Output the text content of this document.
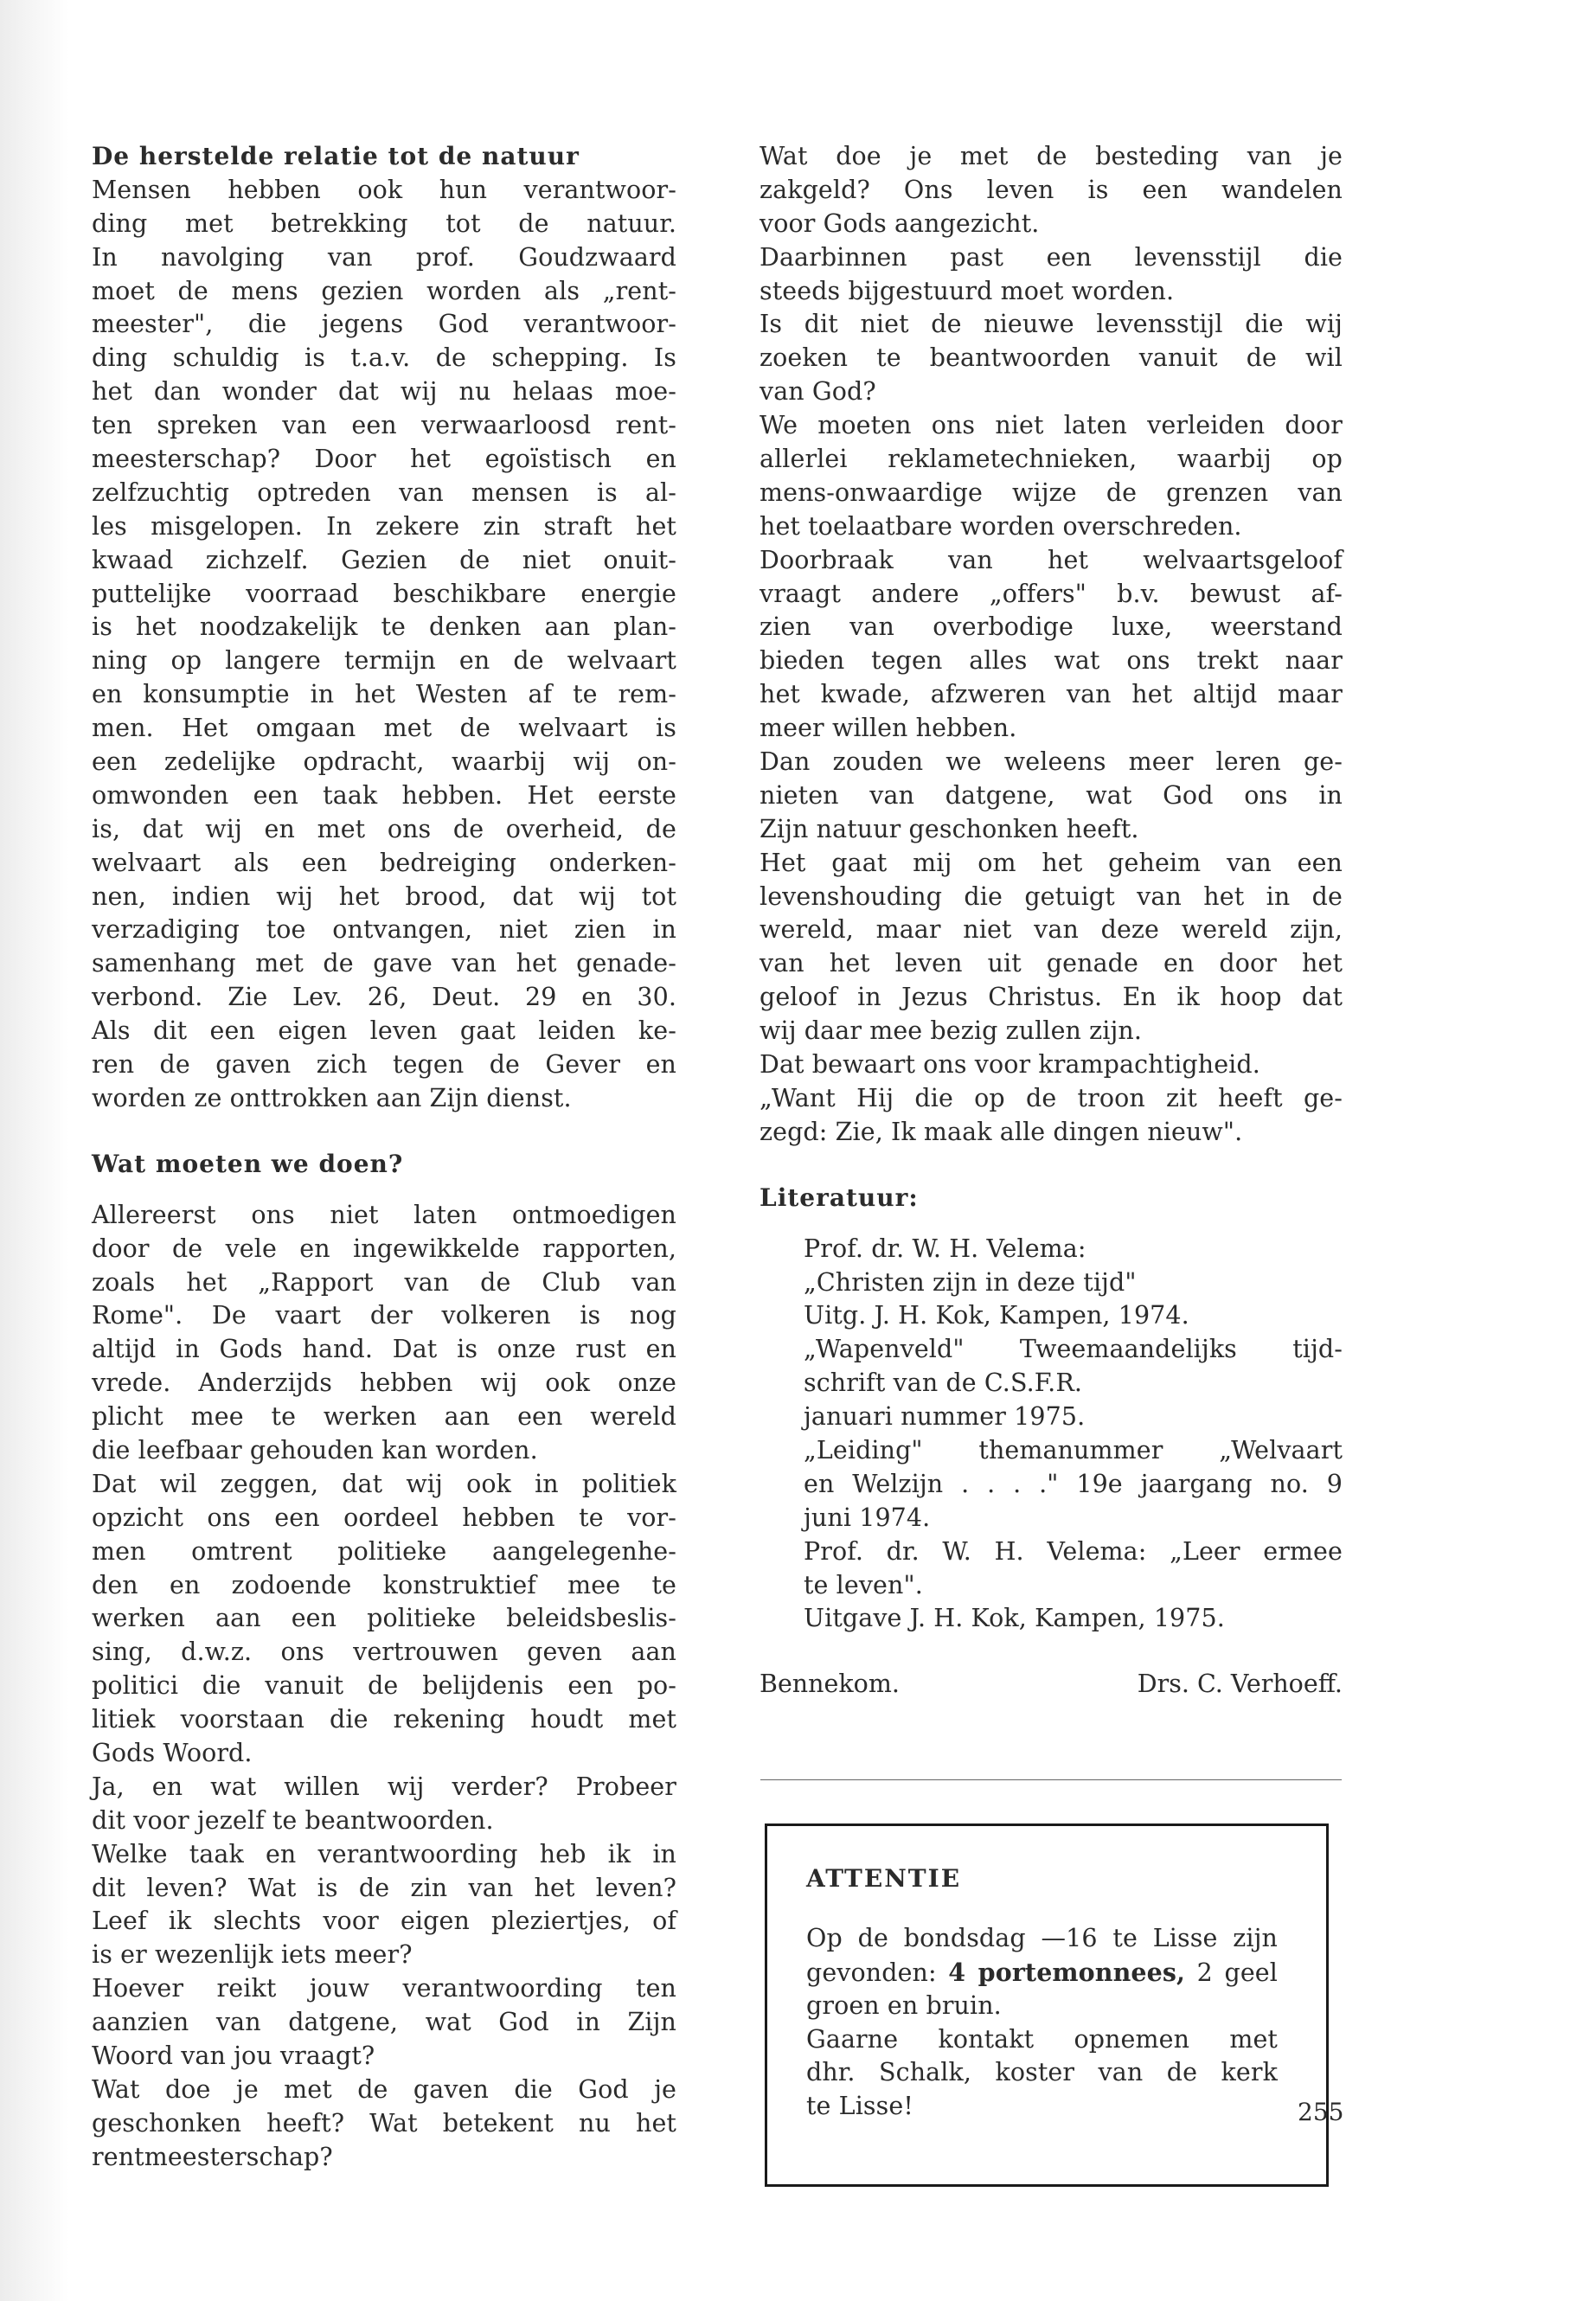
De herstelde relatie tot de natuur
Mensen hebben ook hun verantwoor-
ding met betrekking tot de natuur.
In navolging van prof. Goudzwaard
moet de mens gezien worden als „rent-
meester", die jegens God verantwoor-
ding schuldig is t.a.v. de schepping. Is
het dan wonder dat wij nu helaas moe-
ten spreken van een verwaarloosd rent-
meesterschap? Door het egoïstisch en
zelfzuchtig optreden van mensen is al-
les misgelopen. In zekere zin straft het
kwaad zichzelf. Gezien de niet onuit-
puttelijke voorraad beschikbare energie
is het noodzakelijk te denken aan plan-
ning op langere termijn en de welvaart
en konsumptie in het Westen af te rem-
men. Het omgaan met de welvaart is
een zedelijke opdracht, waarbij wij on-
omwonden een taak hebben. Het eerste
is, dat wij en met ons de overheid, de
welvaart als een bedreiging onderken-
nen, indien wij het brood, dat wij tot
verzadiging toe ontvangen, niet zien in
samenhang met de gave van het genade-
verbond. Zie Lev. 26, Deut. 29 en 30.
Als dit een eigen leven gaat leiden ke-
ren de gaven zich tegen de Gever en
worden ze onttrokken aan Zijn dienst.
Wat moeten we doen?
Allereerst ons niet laten ontmoedigen
door de vele en ingewikkelde rapporten,
zoals het „Rapport van de Club van
Rome". De vaart der volkeren is nog
altijd in Gods hand. Dat is onze rust en
vrede. Anderzijds hebben wij ook onze
plicht mee te werken aan een wereld
die leefbaar gehouden kan worden.
Dat wil zeggen, dat wij ook in politiek
opzicht ons een oordeel hebben te vor-
men omtrent politieke aangelegenhe-
den en zodoende konstruktief mee te
werken aan een politieke beleidsbeslis-
sing, d.w.z. ons vertrouwen geven aan
politici die vanuit de belijdenis een po-
litiek voorstaan die rekening houdt met
Gods Woord.
Ja, en wat willen wij verder? Probeer
dit voor jezelf te beantwoorden.
Welke taak en verantwoording heb ik in
dit leven? Wat is de zin van het leven?
Leef ik slechts voor eigen pleziertjes, of
is er wezenlijk iets meer?
Hoever reikt jouw verantwoording ten
aanzien van datgene, wat God in Zijn
Woord van jou vraagt?
Wat doe je met de gaven die God je
geschonken heeft? Wat betekent nu het
rentmeesterschap?
Wat doe je met de besteding van je
zakgeld? Ons leven is een wandelen
voor Gods aangezicht.
Daarbinnen past een levensstijl die
steeds bijgestuurd moet worden.
Is dit niet de nieuwe levensstijl die wij
zoeken te beantwoorden vanuit de wil
van God?
We moeten ons niet laten verleiden door
allerlei reklametechnieken, waarbij op
mens-onwaardige wijze de grenzen van
het toelaatbare worden overschreden.
Doorbraak van het welvaartsgeloof
vraagt andere „offers" b.v. bewust af-
zien van overbodige luxe, weerstand
bieden tegen alles wat ons trekt naar
het kwade, afzweren van het altijd maar
meer willen hebben.
Dan zouden we weleens meer leren ge-
nieten van datgene, wat God ons in
Zijn natuur geschonken heeft.
Het gaat mij om het geheim van een
levenshouding die getuigt van het in de
wereld, maar niet van deze wereld zijn,
van het leven uit genade en door het
geloof in Jezus Christus. En ik hoop dat
wij daar mee bezig zullen zijn.
Dat bewaart ons voor krampachtigheid.
„Want Hij die op de troon zit heeft ge-
zegd: Zie, Ik maak alle dingen nieuw".
Literatuur:
Prof. dr. W. H. Velema:
„Christen zijn in deze tijd"
Uitg. J. H. Kok, Kampen, 1974.
„Wapenveld" Tweemaandelijks tijd-
schrift van de C.S.F.R.
januari nummer 1975.
„Leiding" themanummer „Welvaart
en Welzijn . . . ." 19e jaargang no. 9
juni 1974.
Prof. dr. W. H. Velema: „Leer ermee
te leven".
Uitgave J. H. Kok, Kampen, 1975.
Bennekom.	Drs. C. Verhoeff.
ATTENTIE
Op de bondsdag —16 te Lisse zijn
gevonden: 4 portemonnees, 2 geel
groen en bruin.
Gaarne kontakt opnemen met
dhr. Schalk, koster van de kerk
te Lisse!	255
